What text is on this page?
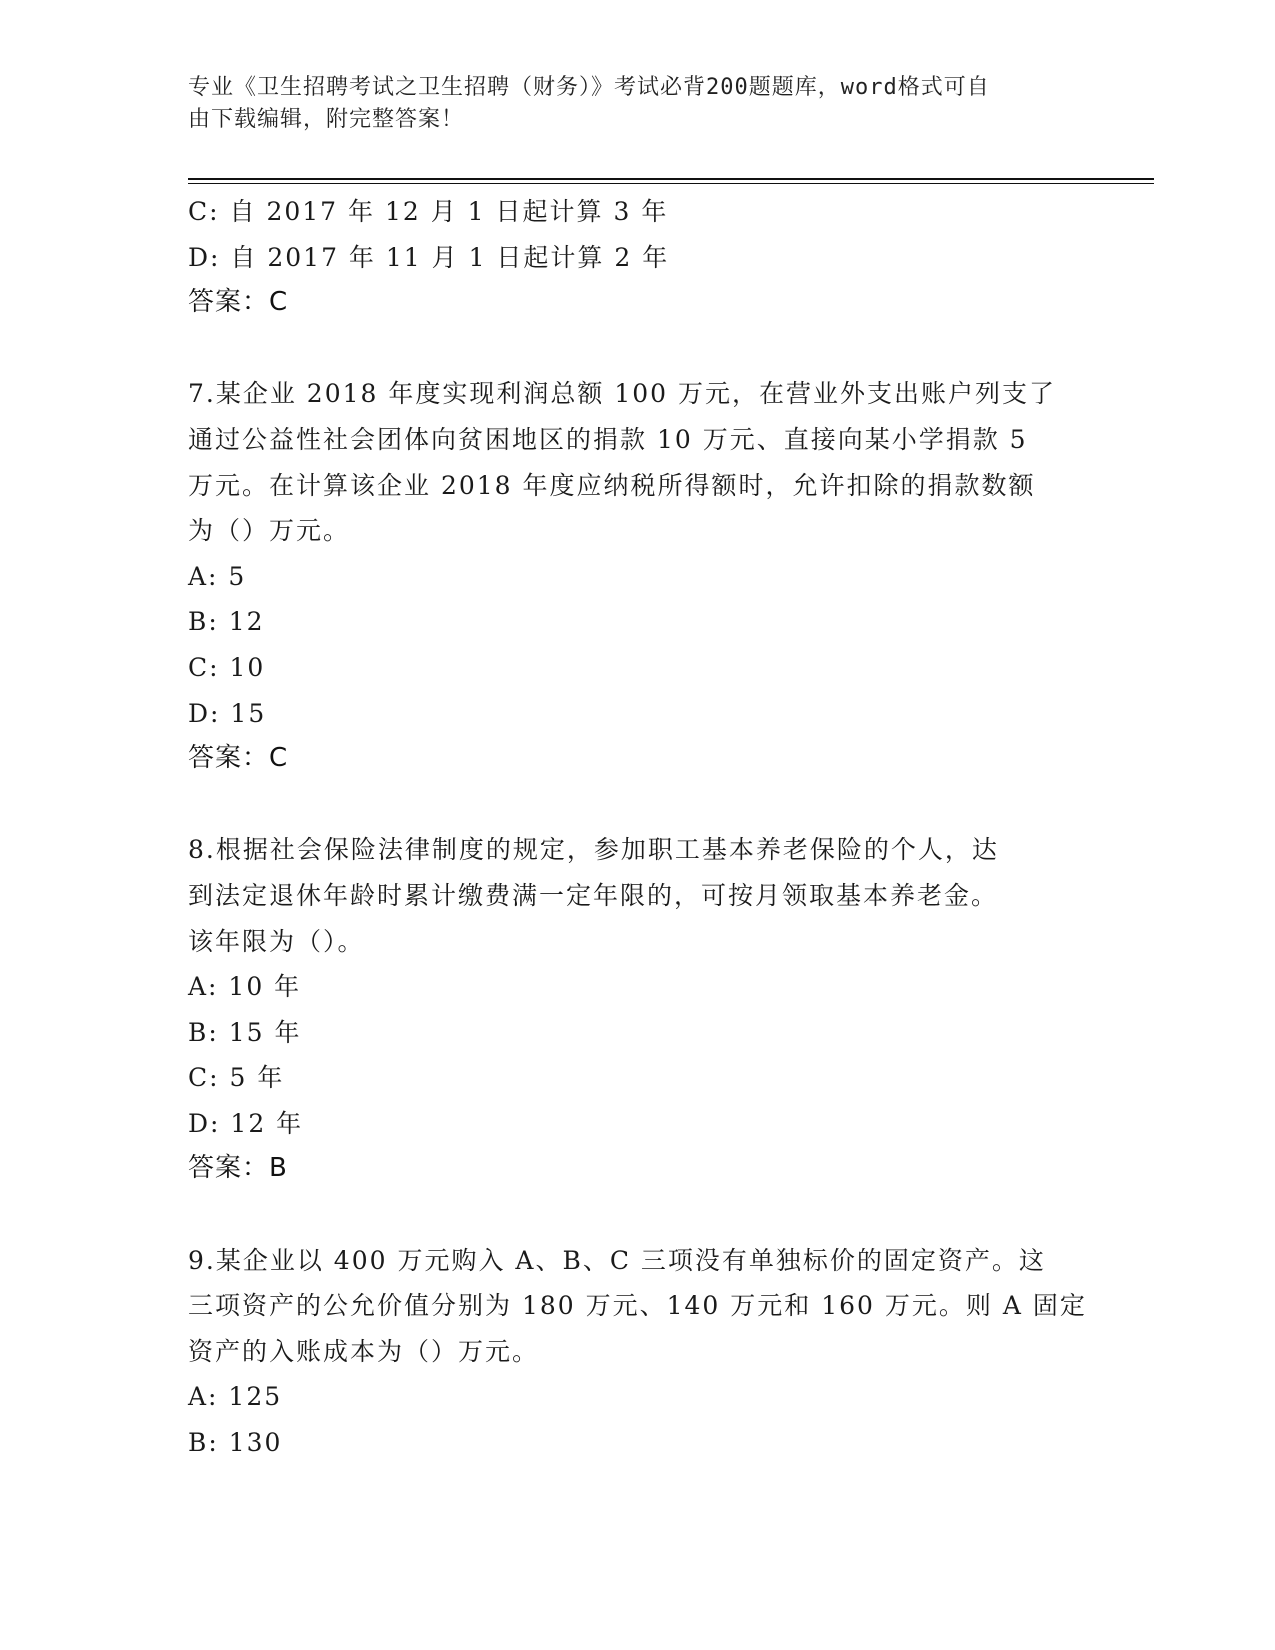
专业《卫生招聘考试之卫生招聘（财务）》考试必背200题题库，word格式可自
由下载编辑，附完整答案！
C: 自 2017 年 12 月 1 日起计算 3 年
D: 自 2017 年 11 月 1 日起计算 2 年
答案：C
7.某企业 2018 年度实现利润总额 100 万元，在营业外支出账户列支了
通过公益性社会团体向贫困地区的捐款 10 万元、直接向某小学捐款 5
万元。在计算该企业 2018 年度应纳税所得额时，允许扣除的捐款数额
为（）万元。
A: 5
B: 12
C: 10
D: 15
答案：C
8.根据社会保险法律制度的规定，参加职工基本养老保险的个人，达
到法定退休年龄时累计缴费满一定年限的，可按月领取基本养老金。
该年限为（）。
A: 10 年
B: 15 年
C: 5 年
D: 12 年
答案：B
9.某企业以 400 万元购入 A、B、C 三项没有单独标价的固定资产。这
三项资产的公允价值分别为 180 万元、140 万元和 160 万元。则 A 固定
资产的入账成本为（）万元。
A: 125
B: 130
